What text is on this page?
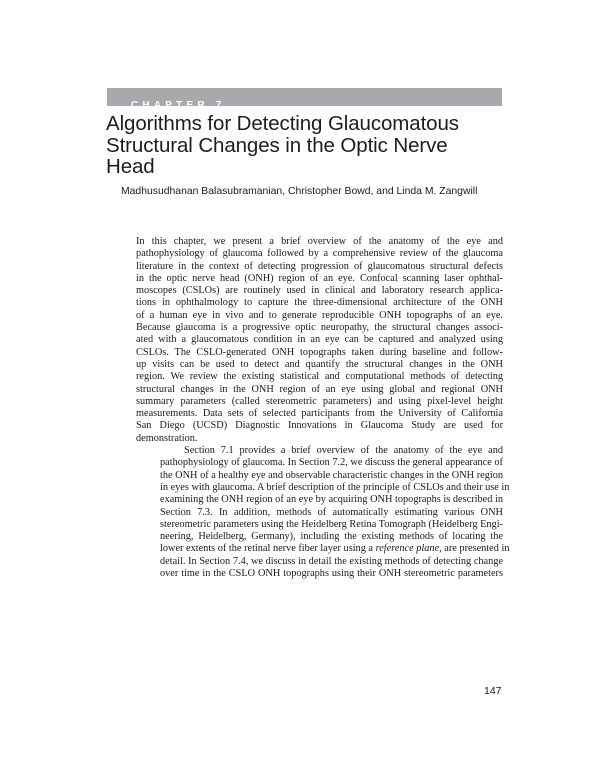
CHAPTER 7
Algorithms for Detecting Glaucomatous
Structural Changes in the Optic Nerve
Head
Madhusudhanan Balasubramanian, Christopher Bowd, and Linda M. Zangwill

In this chapter, we present a brief overview of the anatomy of the eye and
pathophysiology of glaucoma followed by a comprehensive review of the glaucoma
literature in the context of detecting progression of glaucomatous structural defects
in the optic nerve head (ONH) region of an eye. Confocal scanning laser ophthal-
moscopes (CSLOs) are routinely used in clinical and laboratory research applica-
tions in ophthalmology to capture the three-dimensional architecture of the ONH
of a human eye in vivo and to generate reproducible ONH topographs of an eye.
Because glaucoma is a progressive optic neuropathy, the structural changes associ-
ated with a glaucomatous condition in an eye can be captured and analyzed using
CSLOs. The CSLO-generated ONH topographs taken during baseline and follow-
up visits can be used to detect and quantify the structural changes in the ONH
region. We review the existing statistical and computational methods of detecting
structural changes in the ONH region of an eye using global and regional ONH
summary parameters (called stereometric parameters) and using pixel-level height
measurements. Data sets of selected participants from the University of California
San Diego (UCSD) Diagnostic Innovations in Glaucoma Study are used for
demonstration.

Section 7.1 provides a brief overview of the anatomy of the eye and
pathophysiology of glaucoma. In Section 7.2, we discuss the general appearance of
the ONH of a healthy eye and observable characteristic changes in the ONH region
in eyes with glaucoma. A brief description of the principle of CSLOs and their use in
examining the ONH region of an eye by acquiring ONH topographs is described in
Section 7.3. In addition, methods of automatically estimating various ONH
stereometric parameters using the Heidelberg Retina Tomograph (Heidelberg Engi-
neering, Heidelberg, Germany), including the existing methods of locating the
lower extents of the retinal nerve fiber layer using a reference plane, are presented in
detail. In Section 7.4, we discuss in detail the existing methods of detecting change
over time in the CSLO ONH topographs using their ONH stereometric parameters

147
